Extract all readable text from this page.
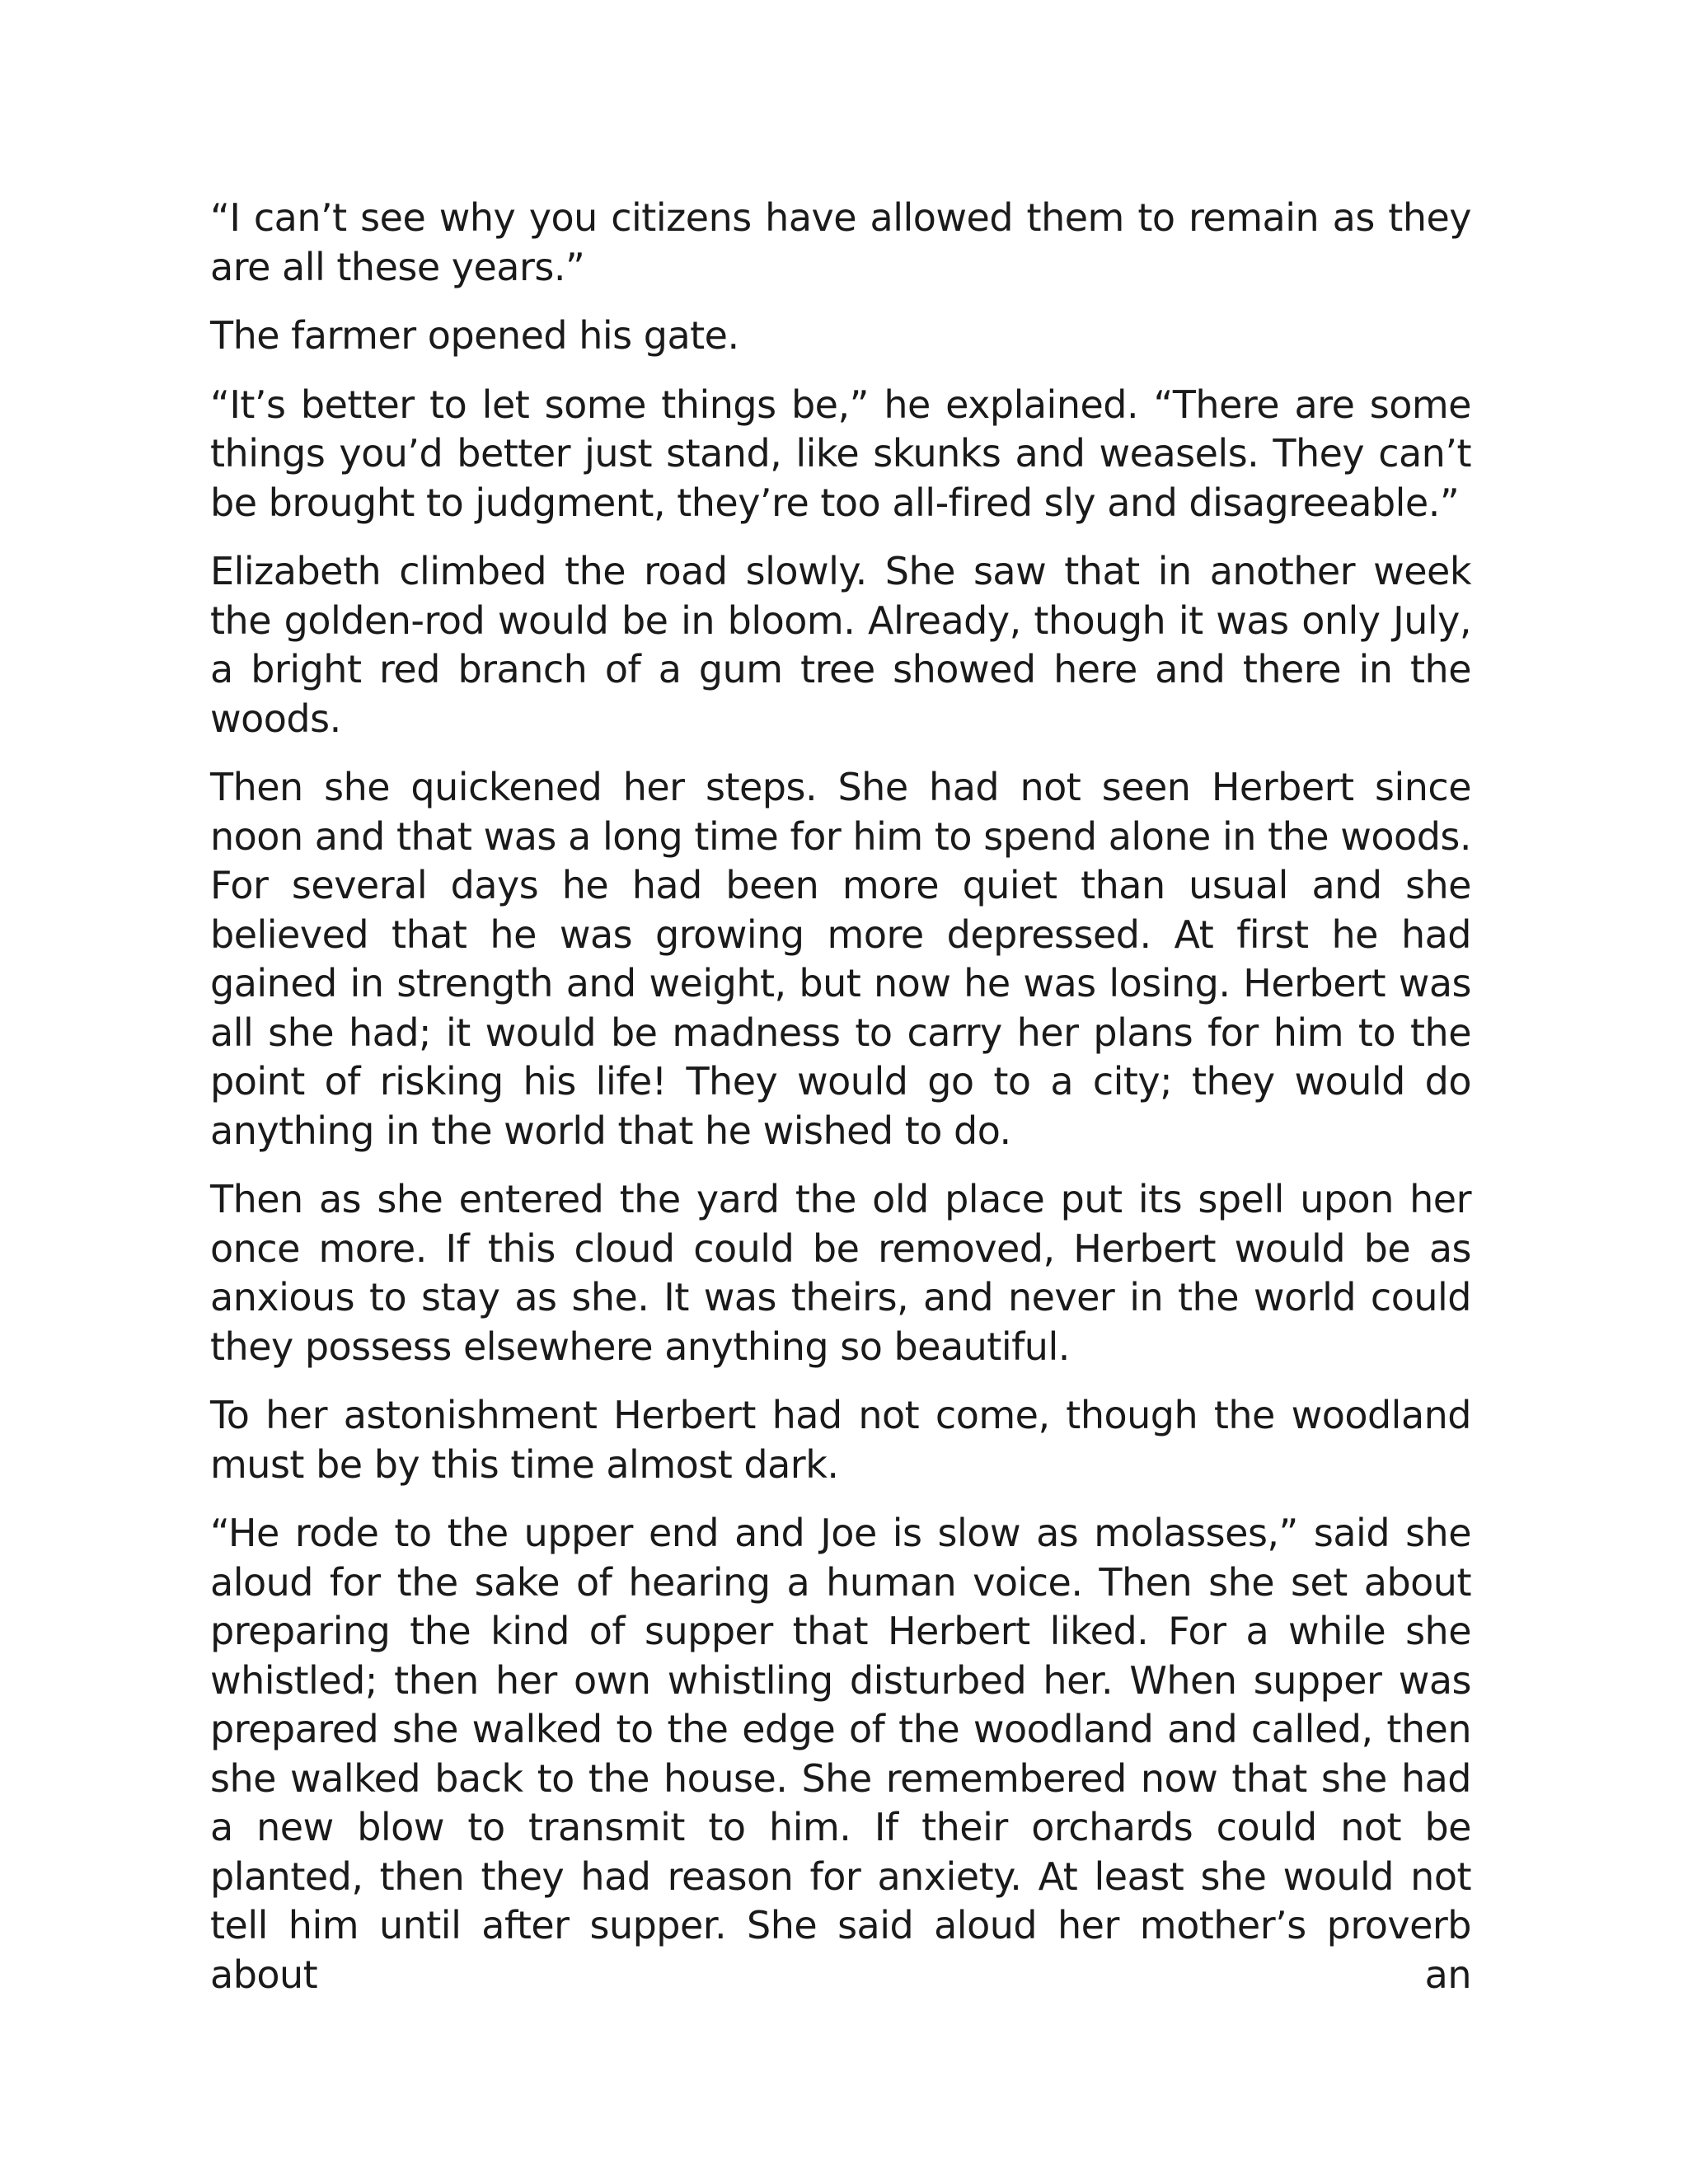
“I can’t see why you citizens have allowed them to remain as they are all these years.”

The farmer opened his gate.

“It’s better to let some things be,” he explained. “There are some things you’d better just stand, like skunks and weasels. They can’t be brought to judgment, they’re too all-fired sly and disagreeable.”

Elizabeth climbed the road slowly. She saw that in another week the golden-rod would be in bloom. Already, though it was only July, a bright red branch of a gum tree showed here and there in the woods.

Then she quickened her steps. She had not seen Herbert since noon and that was a long time for him to spend alone in the woods. For several days he had been more quiet than usual and she believed that he was growing more depressed. At first he had gained in strength and weight, but now he was losing. Herbert was all she had; it would be madness to carry her plans for him to the point of risking his life! They would go to a city; they would do anything in the world that he wished to do.

Then as she entered the yard the old place put its spell upon her once more. If this cloud could be removed, Herbert would be as anxious to stay as she. It was theirs, and never in the world could they possess elsewhere anything so beautiful.

To her astonishment Herbert had not come, though the woodland must be by this time almost dark.

“He rode to the upper end and Joe is slow as molasses,” said she aloud for the sake of hearing a human voice. Then she set about preparing the kind of supper that Herbert liked. For a while she whistled; then her own whistling disturbed her. When supper was prepared she walked to the edge of the woodland and called, then she walked back to the house. She remembered now that she had a new blow to transmit to him. If their orchards could not be planted, then they had reason for anxiety. At least she would not tell him until after supper. She said aloud her mother’s proverb about an
